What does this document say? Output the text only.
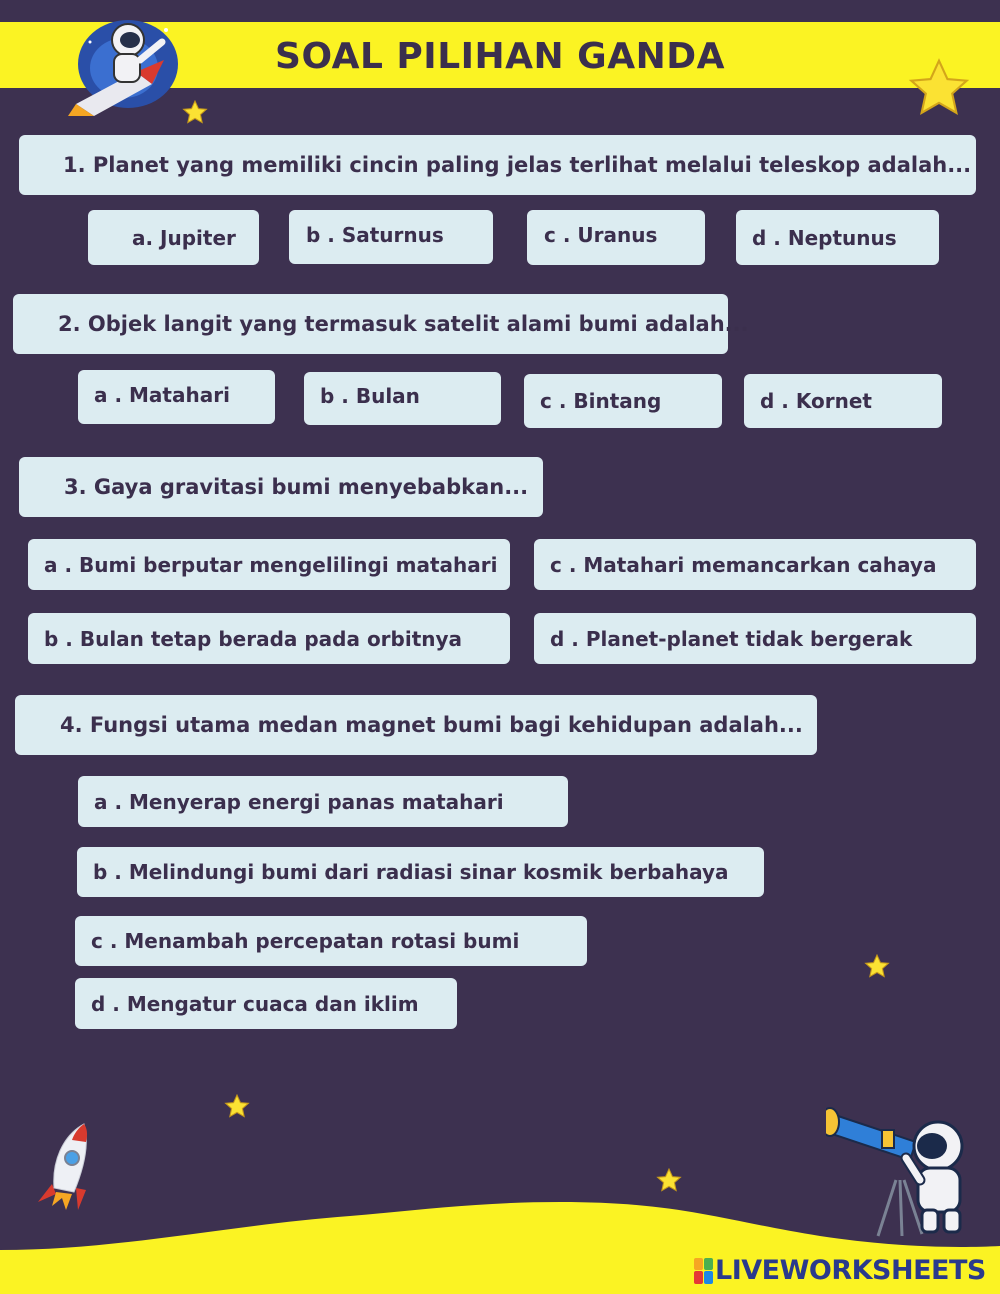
SOAL PILIHAN GANDA
1. Planet yang memiliki cincin paling jelas terlihat melalui teleskop adalah...
a. Jupiter	b . Saturnus	c . Uranus	d . Neptunus
2. Objek langit yang termasuk satelit alami bumi adalah...
a . Matahari	b . Bulan	c . Bintang	d . Kornet
3. Gaya gravitasi bumi menyebabkan...
a . Bumi berputar mengelilingi matahari
b . Bulan tetap berada pada orbitnya
c . Matahari memancarkan cahaya
d . Planet-planet tidak bergerak
4. Fungsi utama medan magnet bumi bagi kehidupan adalah...
a . Menyerap energi panas matahari
b . Melindungi bumi dari radiasi sinar kosmik berbahaya
c . Menambah percepatan rotasi bumi
d . Mengatur cuaca dan iklim
LIVEWORKSHEETS
